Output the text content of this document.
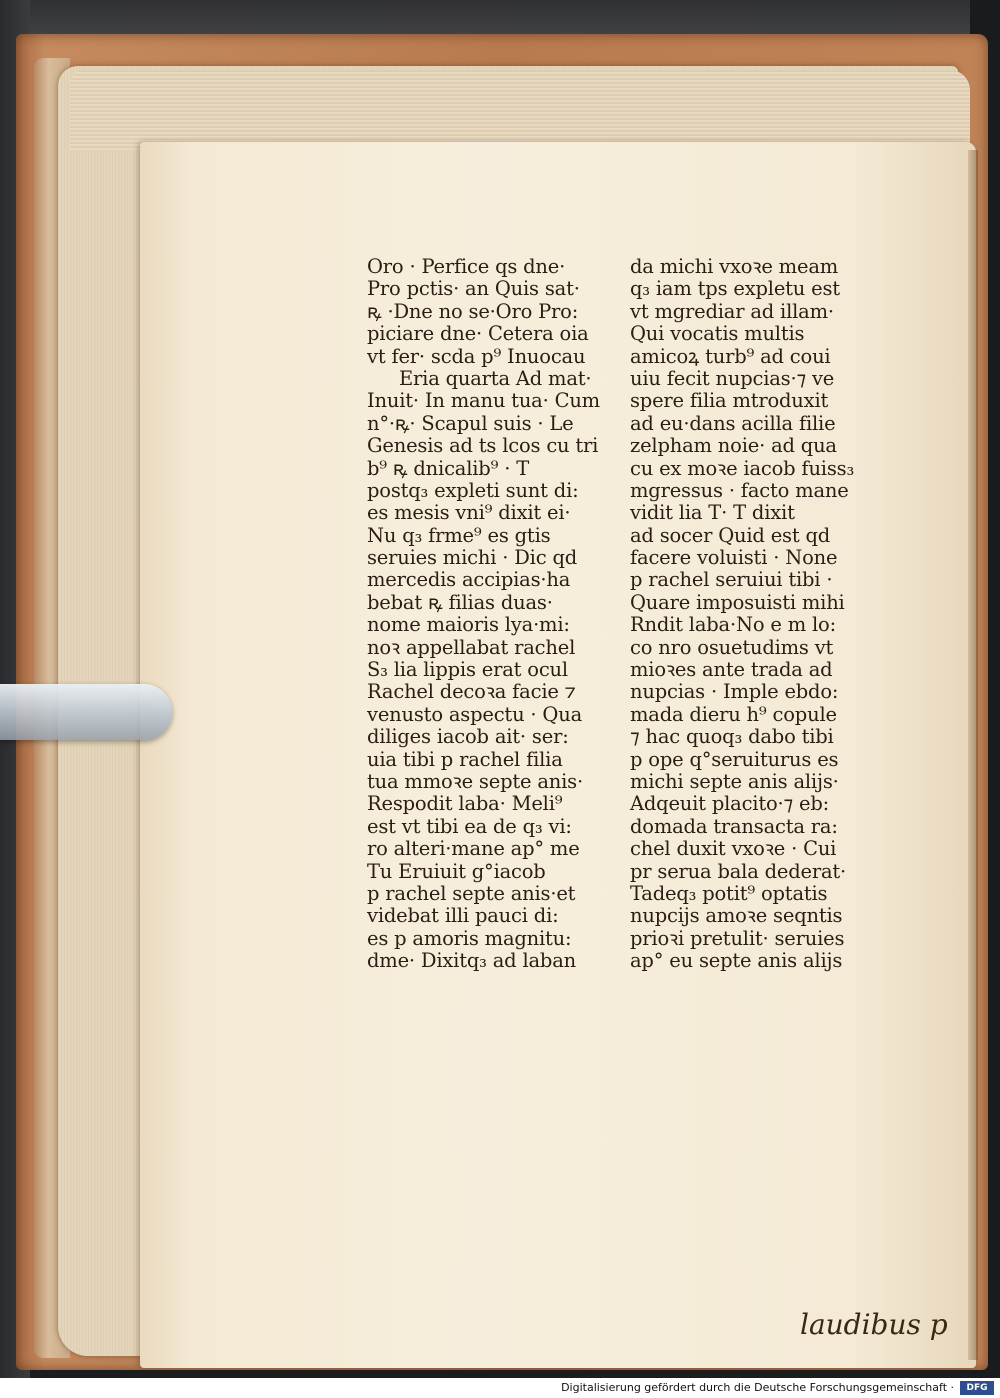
Oro · Perfice qs dne·
Pro pctis· an Quis sat·
ꝶ ·Dne no se·Oro Pro:
piciare dne· Cetera oia
vt fer· scda p⁹ Inuocau
Eria quarta Ad mat·
Inuit· In manu tua· Cum
n°·ꝶ· Scapul suis · Le
Genesis ad ts lcos cu tri
b⁹ ꝶ dnicalib⁹ · T
postq₃ expleti sunt di:
es mesis vni⁹ dixit ei·
Nu q₃ frme⁹ es gtis
seruies michi · Dic qd
mercedis accipias·ha
bebat ꝶ filias duas·
nome maioris lya·mi:
noꝛ appellabat rachel
S₃ lia lippis erat ocul
Rachel decoꝛa facie ⁊
venusto aspectu · Qua
diliges iacob ait· ser:
uia tibi p rachel filia
tua mmoꝛe septe anis·
Respodit laba· Meli⁹
est vt tibi ea de q₃ vi:
ro alteri·mane ap° me
Tu Eruiuit g°iacob
p rachel septe anis·et
videbat illi pauci di:
es p amoris magnitu:
dme· Dixitq₃ ad laban
da michi vxoꝛe meam
q₃ iam tps expletu est
vt mgrediar ad illam·
Qui vocatis multis
amicoꝝ turb⁹ ad coui
uiu fecit nupcias·⁊ ve
spere filia mtroduxit
ad eu·dans acilla filie
zelpham noie· ad qua
cu ex moꝛe iacob fuiss₃
mgressus · facto mane
vidit lia T· T dixit
ad socer Quid est qd
facere voluisti · None
p rachel seruiui tibi ·
Quare imposuisti mihi
Rndit laba·No e m lo:
co nro osuetudims vt
mioꝛes ante trada ad
nupcias · Imple ebdo:
mada dieru h⁹ copule
⁊ hac quoq₃ dabo tibi
p ope q°seruiturus es
michi septe anis alijs·
Adqeuit placito·⁊ eb:
domada transacta ra:
chel duxit vxoꝛe · Cui
pr serua bala dederat·
Tadeq₃ potit⁹ optatis
nupcijs amoꝛe seqntis
prioꝛi pretulit· seruies
ap° eu septe anis alijs
laudibus p
Digitalisierung gefördert durch die Deutsche Forschungsgemeinschaft ·	DFG
